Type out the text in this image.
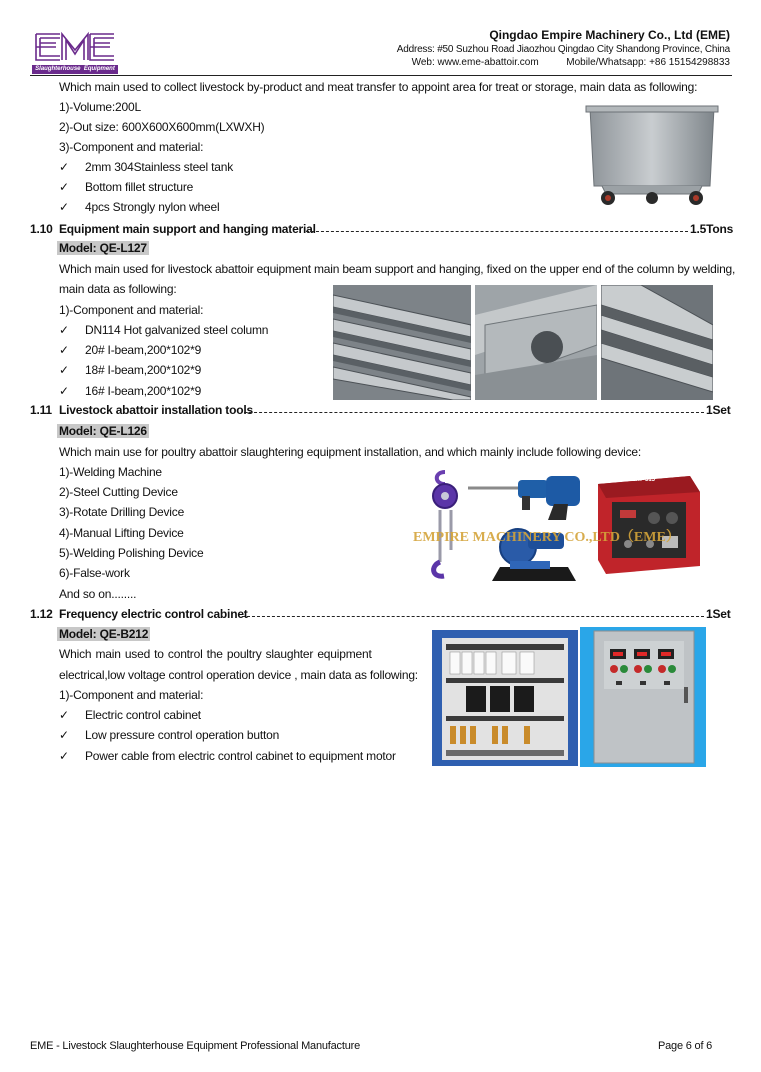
Slaughterhouse  Equipment
Qingdao Empire Machinery Co., Ltd (EME)
Address: #50 Suzhou Road Jiaozhou Qingdao City Shandong Province, China
Web: www.eme-abattoir.com	Mobile/Whatsapp: +86 15154298833
Which main used to collect livestock by-product and meat transfer to appoint area for treat or storage, main data as following:
1)-Volume:200L
2)-Out size: 600X600X600mm(LXWXH)
3)-Component and material:
✓ 2mm 304Stainless steel tank
✓ Bottom fillet structure
✓ 4pcs Strongly nylon wheel
1.10 Equipment main support and hanging material	1.5Tons
Model: QE-L127
Which main used for livestock abattoir equipment main beam support and hanging, fixed on the upper end of the column by welding,
main data as following:
1)-Component and material:
✓ DN114 Hot galvanized steel column
✓ 20# I-beam,200*102*9
✓ 18# I-beam,200*102*9
✓ 16# I-beam,200*102*9
1.11 Livestock abattoir installation tools	1Set
Model: QE-L126
Which main use for poultry abattoir slaughtering equipment installation, and which mainly include following device:
1)-Welding Machine
2)-Steel Cutting Device
3)-Rotate Drilling Device
4)-Manual Lifting Device
5)-Welding Polishing Device
6)-False-work
And so on........
ZX7-315
EMPIRE MACHINERY CO.,LTD（EME）
1.12 Frequency electric control cabinet	1Set
Model: QE-B212
Which main used to control the poultry slaughter equipment
electrical,low voltage control operation device , main data as following:
1)-Component and material:
✓ Electric control cabinet
✓ Low pressure control operation button
✓ Power cable from electric control cabinet to equipment motor
EME - Livestock Slaughterhouse Equipment Professional Manufacture	Page 6 of 6
